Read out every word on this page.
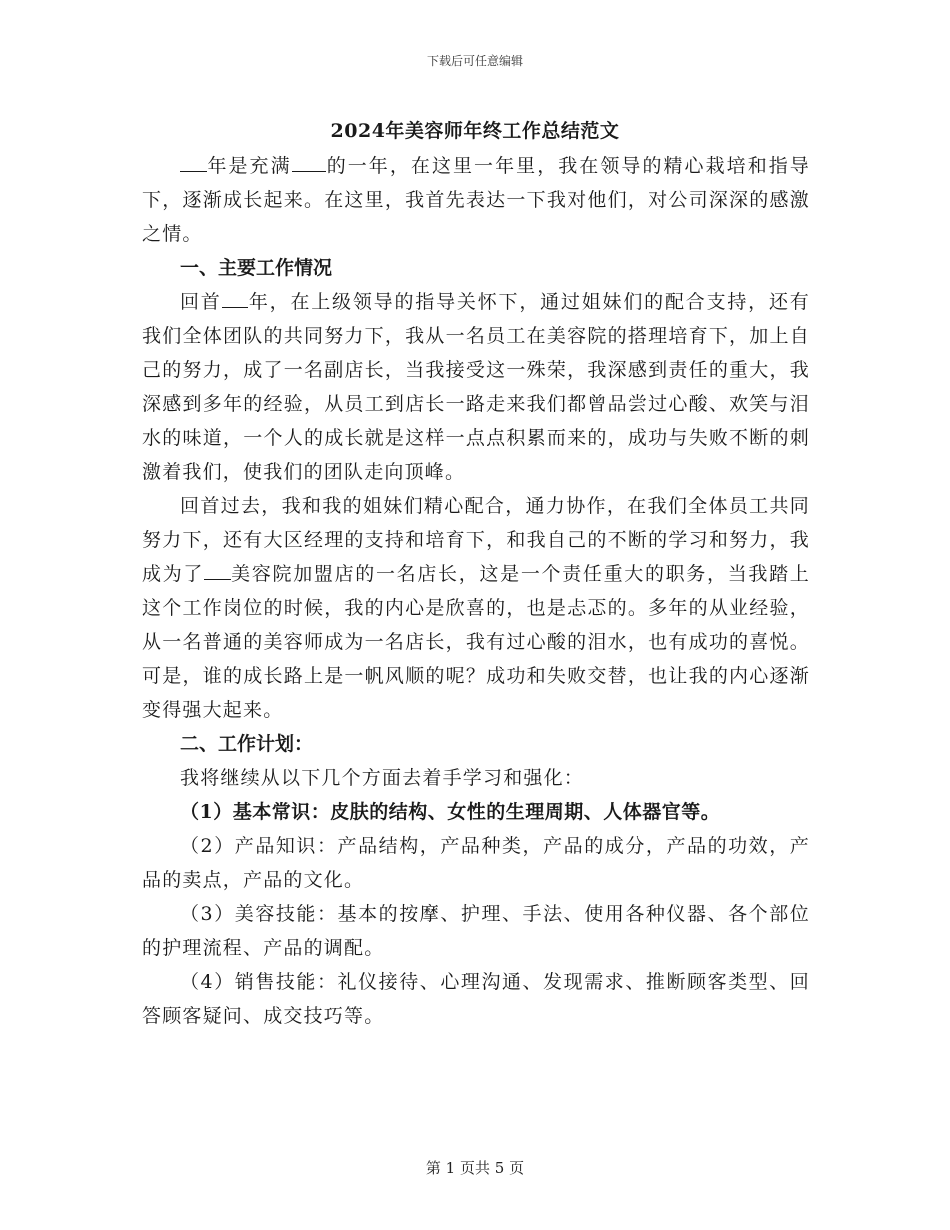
下载后可任意编辑
2024年美容师年终工作总结范文

年是充满 的一年，在这里一年里，我在领导的精心栽培和指导下，逐渐成长起来。在这里，我首先表达一下我对他们，对公司深深的感激之情。

一、主要工作情况

回首 年，在上级领导的指导关怀下，通过姐妹们的配合支持，还有我们全体团队的共同努力下，我从一名员工在美容院的搭理培育下，加上自己的努力，成了一名副店长，当我接受这一殊荣，我深感到责任的重大，我深感到多年的经验，从员工到店长一路走来我们都曾品尝过心酸、欢笑与泪水的味道，一个人的成长就是这样一点点积累而来的，成功与失败不断的刺激着我们，使我们的团队走向顶峰。

回首过去，我和我的姐妹们精心配合，通力协作，在我们全体员工共同努力下，还有大区经理的支持和培育下，和我自己的不断的学习和努力，我成为了 美容院加盟店的一名店长，这是一个责任重大的职务，当我踏上这个工作岗位的时候，我的内心是欣喜的，也是忐忑的。多年的从业经验，从一名普通的美容师成为一名店长，我有过心酸的泪水，也有成功的喜悦。可是，谁的成长路上是一帆风顺的呢？成功和失败交替，也让我的内心逐渐变得强大起来。

二、工作计划：

我将继续从以下几个方面去着手学习和强化：

（1）基本常识：皮肤的结构、女性的生理周期、人体器官等。

（2）产品知识：产品结构，产品种类，产品的成分，产品的功效，产品的卖点，产品的文化。

（3）美容技能：基本的按摩、护理、手法、使用各种仪器、各个部位的护理流程、产品的调配。

（4）销售技能：礼仪接待、心理沟通、发现需求、推断顾客类型、回答顾客疑问、成交技巧等。

第 1 页共 5 页
